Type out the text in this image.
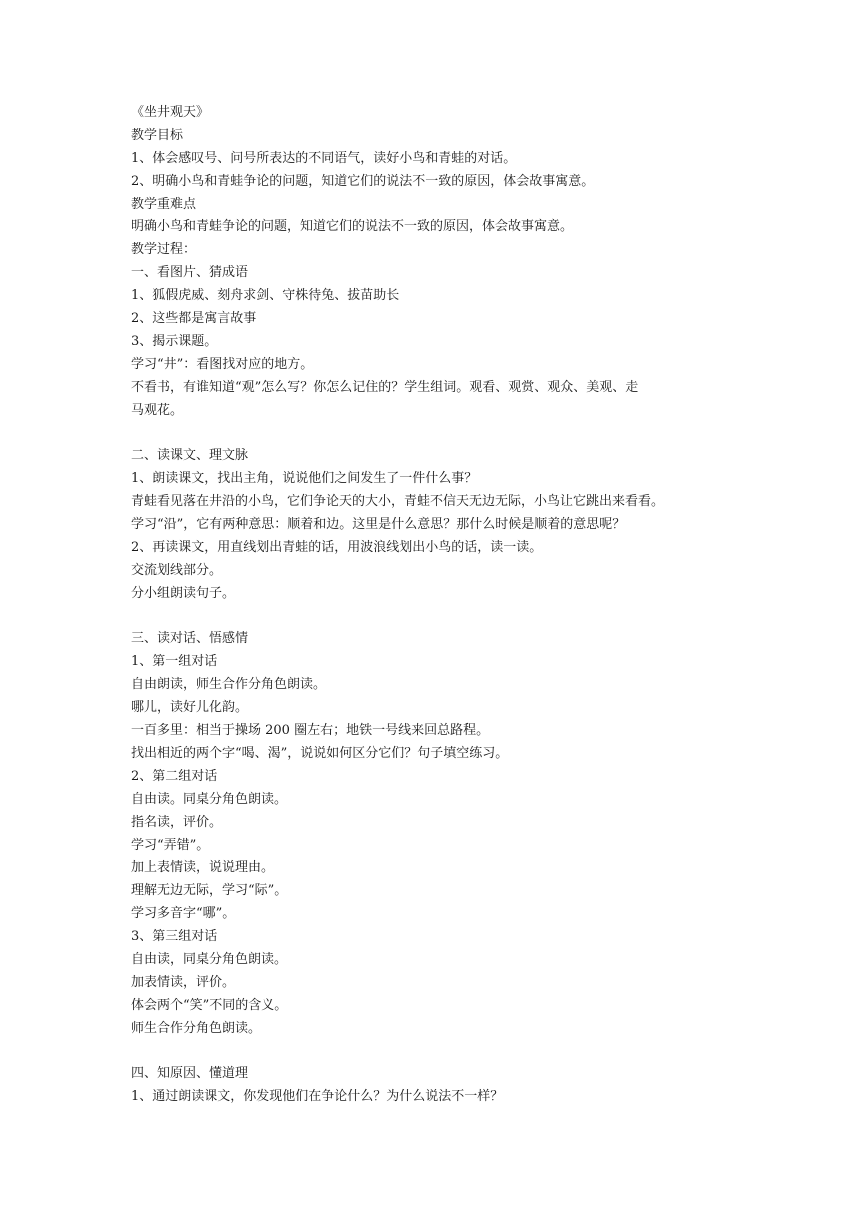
《坐井观天》
教学目标
1、体会感叹号、问号所表达的不同语气，读好小鸟和青蛙的对话。
2、明确小鸟和青蛙争论的问题，知道它们的说法不一致的原因，体会故事寓意。
教学重难点
明确小鸟和青蛙争论的问题，知道它们的说法不一致的原因，体会故事寓意。
教学过程：
一、看图片、猜成语
1、狐假虎威、刻舟求剑、守株待兔、拔苗助长
2、这些都是寓言故事
3、揭示课题。
学习“井”：看图找对应的地方。
不看书，有谁知道“观”怎么写？你怎么记住的？学生组词。观看、观赏、观众、美观、走
马观花。
二、读课文、理文脉
1、朗读课文，找出主角，说说他们之间发生了一件什么事？
青蛙看见落在井沿的小鸟，它们争论天的大小，青蛙不信天无边无际，小鸟让它跳出来看看。
学习“沿”，它有两种意思：顺着和边。这里是什么意思？那什么时候是顺着的意思呢？
2、再读课文，用直线划出青蛙的话，用波浪线划出小鸟的话，读一读。
交流划线部分。
分小组朗读句子。
三、读对话、悟感情
1、第一组对话
自由朗读，师生合作分角色朗读。
哪儿，读好儿化韵。
一百多里：相当于操场 200 圈左右；地铁一号线来回总路程。
找出相近的两个字“喝、渴”，说说如何区分它们？句子填空练习。
2、第二组对话
自由读。同桌分角色朗读。
指名读，评价。
学习“弄错”。
加上表情读，说说理由。
理解无边无际，学习“际”。
学习多音字“哪”。
3、第三组对话
自由读，同桌分角色朗读。
加表情读，评价。
体会两个“笑”不同的含义。
师生合作分角色朗读。
四、知原因、懂道理
1、通过朗读课文，你发现他们在争论什么？为什么说法不一样？
